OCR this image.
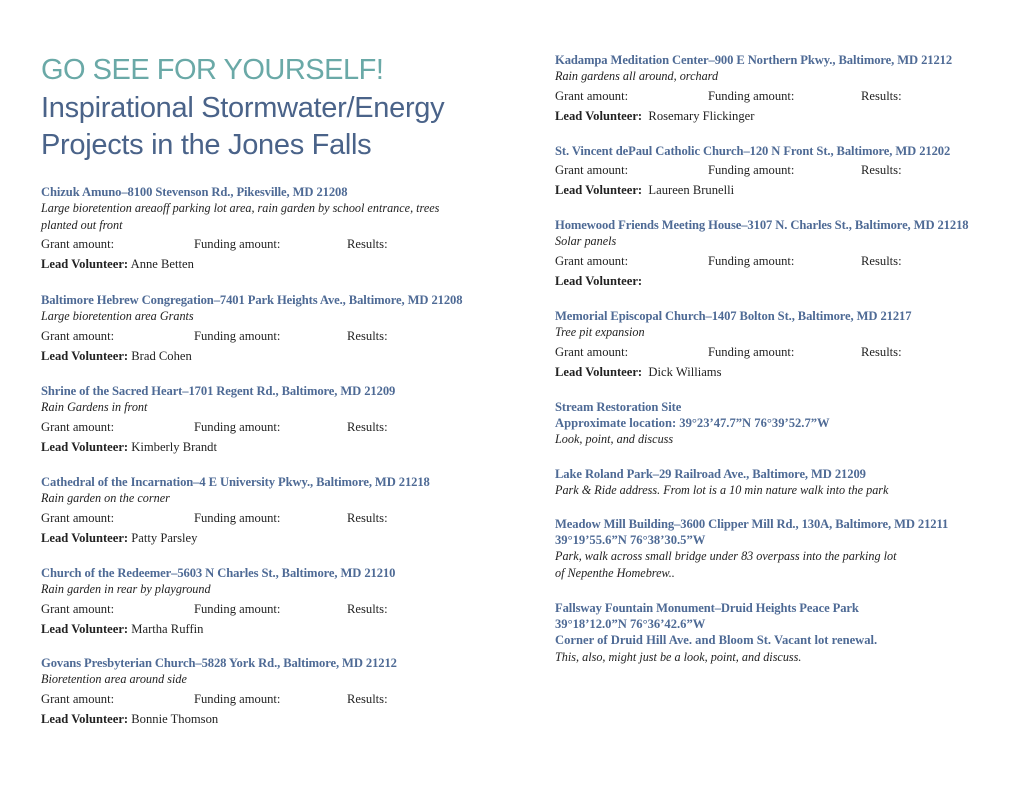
GO SEE FOR YOURSELF!
Inspirational Stormwater/Energy Projects in the Jones Falls
Chizuk Amuno–8100 Stevenson Rd., Pikesville, MD 21208
Large bioretention areaoff parking lot area, rain garden by school entrance, trees planted out front
Grant amount:	Funding amount:	Results:
Lead Volunteer: Anne Betten
Baltimore Hebrew Congregation–7401 Park Heights Ave., Baltimore, MD 21208
Large bioretention area Grants
Grant amount:	Funding amount:	Results:
Lead Volunteer: Brad Cohen
Shrine of the Sacred Heart–1701 Regent Rd., Baltimore, MD 21209
Rain Gardens in front
Grant amount:	Funding amount:	Results:
Lead Volunteer: Kimberly Brandt
Cathedral of the Incarnation–4 E University Pkwy., Baltimore, MD 21218
Rain garden on the corner
Grant amount:	Funding amount:	Results:
Lead Volunteer: Patty Parsley
Church of the Redeemer–5603 N Charles St., Baltimore, MD 21210
Rain garden in rear by playground
Grant amount:	Funding amount:	Results:
Lead Volunteer: Martha Ruffin
Govans Presbyterian Church–5828 York Rd., Baltimore, MD 21212
Bioretention area around side
Grant amount:	Funding amount:	Results:
Lead Volunteer: Bonnie Thomson
Kadampa Meditation Center–900 E Northern Pkwy., Baltimore, MD 21212
Rain gardens all around, orchard
Grant amount:	Funding amount:	Results:
Lead Volunteer: Rosemary Flickinger
St. Vincent dePaul Catholic Church–120 N Front St., Baltimore, MD 21202
Grant amount:	Funding amount:	Results:
Lead Volunteer: Laureen Brunelli
Homewood Friends Meeting House–3107 N. Charles St., Baltimore, MD 21218
Solar panels
Grant amount:	Funding amount:	Results:
Lead Volunteer:
Memorial Episcopal Church–1407 Bolton St., Baltimore, MD 21217
Tree pit expansion
Grant amount:	Funding amount:	Results:
Lead Volunteer: Dick Williams
Stream Restoration Site
Approximate location: 39°23’47.7”N 76°39’52.7”W
Look, point, and discuss
Lake Roland Park–29 Railroad Ave., Baltimore, MD 21209
Park & Ride address. From lot is a 10 min nature walk into the park
Meadow Mill Building–3600 Clipper Mill Rd., 130A, Baltimore, MD 21211
39°19’55.6”N 76°38’30.5”W
Park, walk across small bridge under 83 overpass into the parking lot
of Nepenthe Homebrew..
Fallsway Fountain Monument–Druid Heights Peace Park
39°18’12.0”N 76°36’42.6”W
Corner of Druid Hill Ave. and Bloom St. Vacant lot renewal.
This, also, might just be a look, point, and discuss.
